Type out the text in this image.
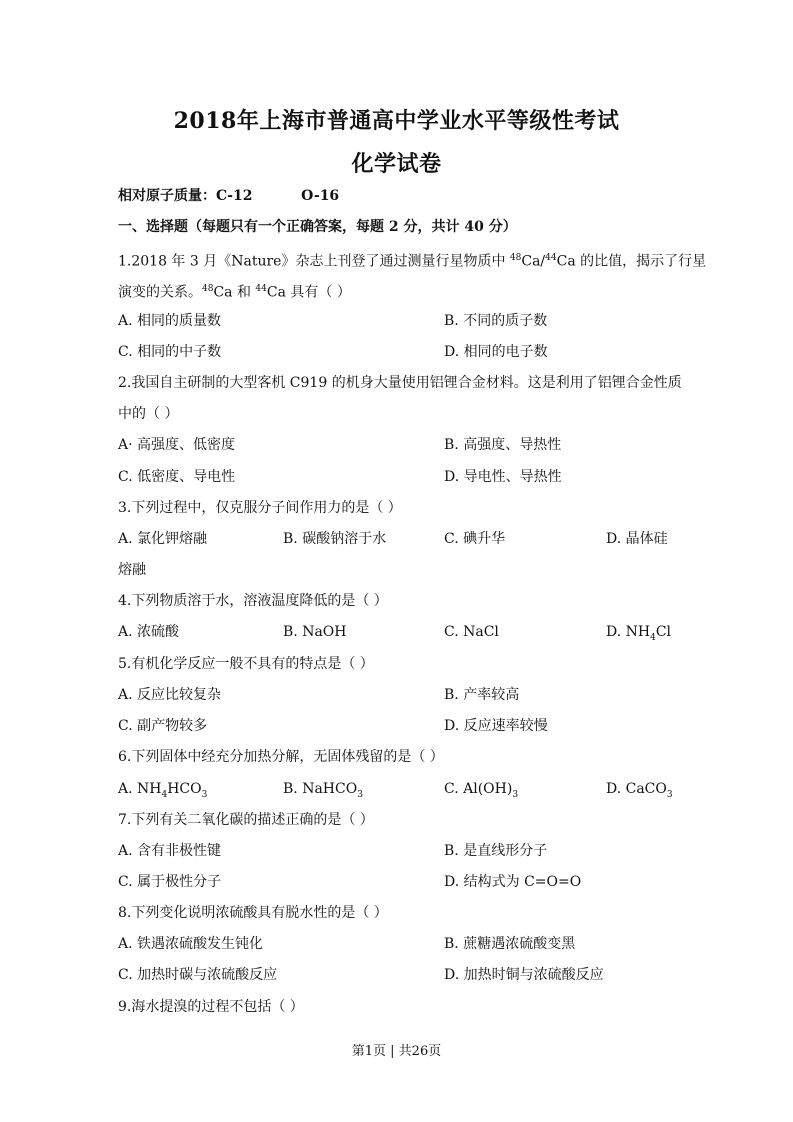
2018年上海市普通高中学业水平等级性考试
化学试卷
相对原子质量：C-12          O-16
一、选择题（每题只有一个正确答案，每题 2 分，共计 40 分）
1.2018 年 3 月《Nature》杂志上刊登了通过测量行星物质中 $^{48}$Ca/$^{44}$Ca 的比值，揭示了行星
演变的关系。$^{48}$Ca 和 $^{44}$Ca 具有（ ）
A. 相同的质量数	B. 不同的质子数
C. 相同的中子数	D. 相同的电子数
2.我国自主研制的大型客机 C919 的机身大量使用铝锂合金材料。这是利用了铝锂合金性质
中的（ ）
A· 高强度、低密度	B. 高强度、导热性
C. 低密度、导电性	D. 导电性、导热性
3.下列过程中，仅克服分子间作用力的是（ ）
A. 氯化钾熔融	B. 碳酸钠溶于水	C. 碘升华	D. 晶体硅
熔融
4.下列物质溶于水，溶液温度降低的是（ ）
A. 浓硫酸	B. NaOH	C. NaCl	D. $NH_4Cl$
5.有机化学反应一般不具有的特点是（ ）
A. 反应比较复杂	B. 产率较高
C. 副产物较多	D. 反应速率较慢
6.下列固体中经充分加热分解，无固体残留的是（ ）
A. $NH_4HCO_3$	B. NaHCO$_3$	C. $Al(OH)_3$	D. CaCO$_3$
7.下列有关二氧化碳的描述正确的是（ ）
A. 含有非极性键	B. 是直线形分子
C. 属于极性分子	D. 结构式为 C=O=O
8.下列变化说明浓硫酸具有脱水性的是（ ）
A. 铁遇浓硫酸发生钝化	B. 蔗糖遇浓硫酸变黑
C. 加热时碳与浓硫酸反应	D. 加热时铜与浓硫酸反应
9.海水提溴的过程不包括（ ）
第1页 | 共26页
